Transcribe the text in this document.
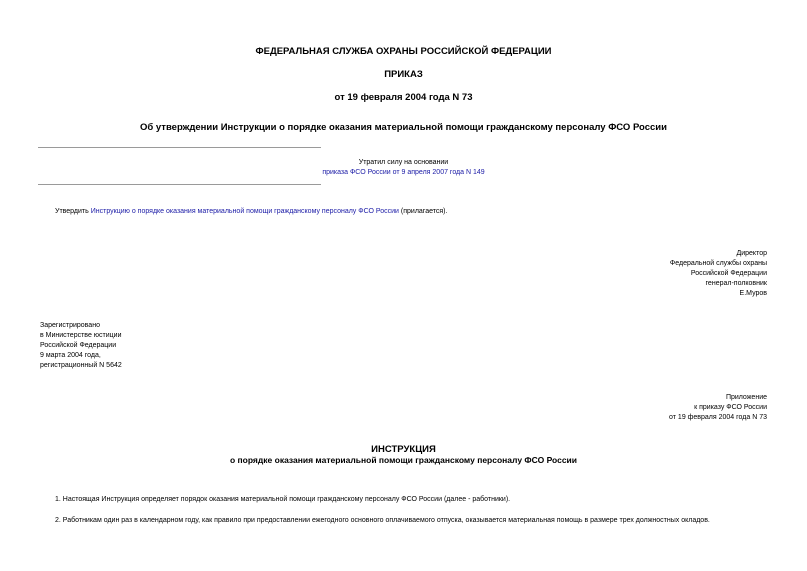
ФЕДЕРАЛЬНАЯ СЛУЖБА ОХРАНЫ РОССИЙСКОЙ ФЕДЕРАЦИИ
ПРИКАЗ
от 19 февраля 2004 года N 73
Об утверждении Инструкции о порядке оказания материальной помощи гражданскому персоналу ФСО России
Утратил силу на основании
приказа ФСО России от 9 апреля 2007 года N 149
Утвердить Инструкцию о порядке оказания материальной помощи гражданскому персоналу ФСО России (прилагается).
Директор
Федеральной службы охраны
Российской Федерации
генерал-полковник
Е.Муров
Зарегистрировано
в Министерстве юстиции
Российской Федерации
9 марта 2004 года,
регистрационный N 5642
Приложение
к приказу ФСО России
от 19 февраля 2004 года N 73
ИНСТРУКЦИЯ
о порядке оказания материальной помощи гражданскому персоналу ФСО России
1. Настоящая Инструкция определяет порядок оказания материальной помощи гражданскому персоналу ФСО России (далее - работники).
2. Работникам один раз в календарном году, как правило при предоставлении ежегодного основного оплачиваемого отпуска, оказывается материальная помощь в размере трех должностных окладов.
